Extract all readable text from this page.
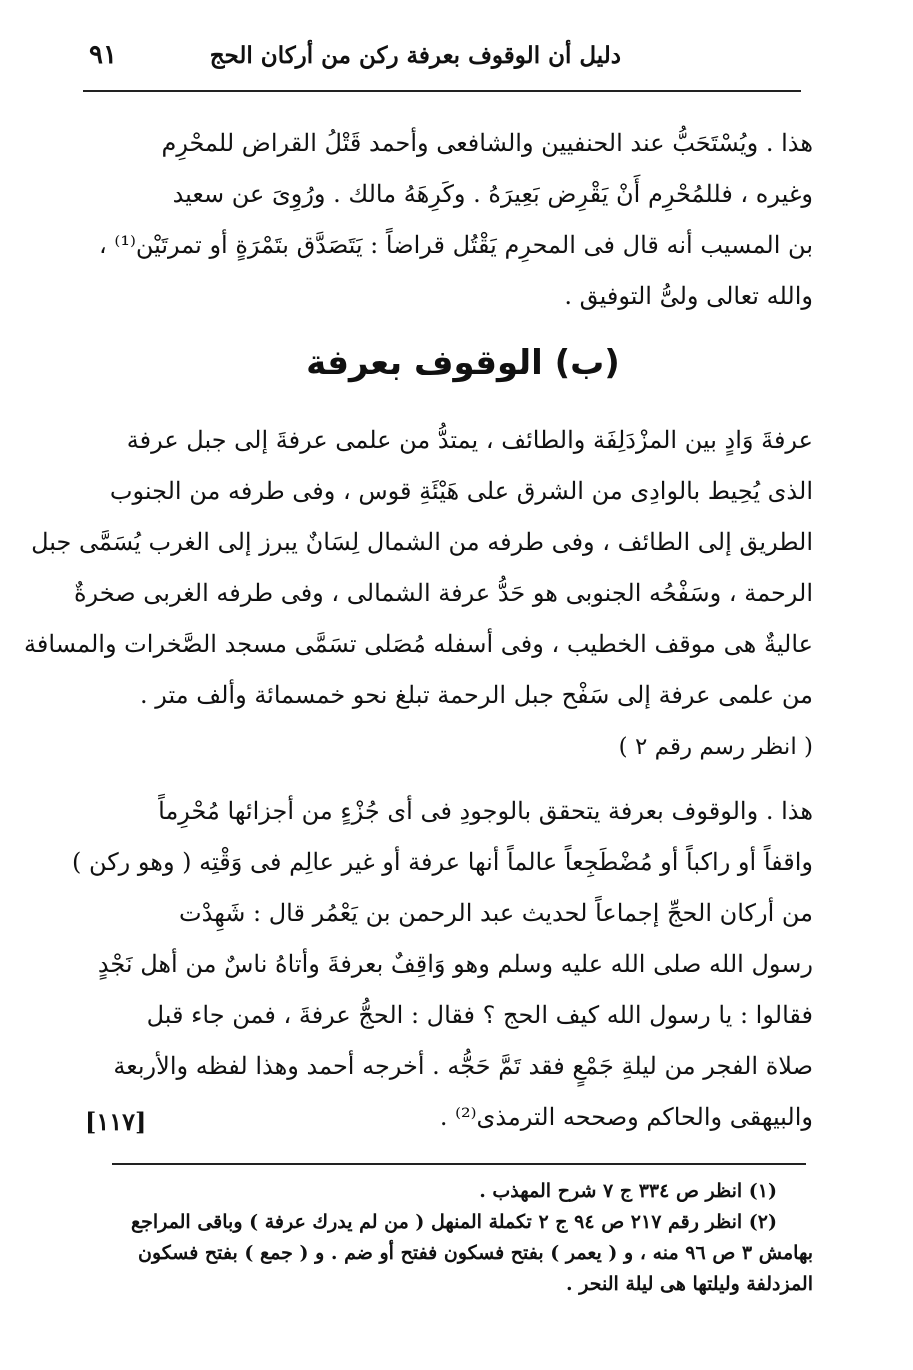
دليل أن الوقوف بعرفة ركن من أركان الحج
٩١
هذا . ويُسْتَحَبُّ عند الحنفيين والشافعى وأحمد قَتْلُ القراض للمحْرِم
وغيره ، فللمُحْرِم أَنْ يَقْرِض بَعِيرَهُ . وكَرِهَهُ مالك . ورُوِىَ عن سعيد
بن المسيب أنه قال فى المحرِم يَقْتُل قراضاً : يَتَصَدَّق بتَمْرَةٍ أو تمرتَيْن⁽¹⁾ ،
والله تعالى ولىُّ التوفيق .
(ب) الوقوف بعرفة
عرفةَ وَادٍ بين المزْدَلِفَة والطائف ، يمتدُّ من علمى عرفةَ إلى جبل عرفة
الذى يُحِيط بالوادِى من الشرق على هَيْئَةِ قوس ، وفى طرفه من الجنوب
الطريق إلى الطائف ، وفى طرفه من الشمال لِسَانٌ يبرز إلى الغرب يُسَمَّى جبل
الرحمة ، وسَفْحُه الجنوبى هو حَدُّ عرفة الشمالى ، وفى طرفه الغربى صخرةٌ
عاليةٌ هى موقف الخطيب ، وفى أسفله مُصَلى تسَمَّى مسجد الصَّخرات والمسافة
من علمى عرفة إلى سَفْح جبل الرحمة تبلغ نحو خمسمائة وألف متر .
( انظر رسم رقم ٢ )
هذا . والوقوف بعرفة يتحقق بالوجودِ فى أى جُزْءٍ من أجزائها مُحْرِماً
واقفاً أو راكباً أو مُضْطَجِعاً عالماً أنها عرفة أو غير عالِم فى وَقْتِه ( وهو ركن )
من أركان الحجِّ إجماعاً لحديث عبد الرحمن بن يَعْمُر قال : شَهِدْت
رسول الله صلى الله عليه وسلم وهو وَاقِفٌ بعرفةَ وأتاهُ ناسٌ من أهل نَجْدٍ
فقالوا : يا رسول الله كيف الحج ؟ فقال : الحجُّ عرفةَ ، فمن جاء قبل
صلاة الفجر من ليلةِ جَمْعٍ فقد تَمَّ حَجُّه . أخرجه أحمد وهذا لفظه والأربعة
والبيهقى والحاكم وصححه الترمذى⁽²⁾ .
[١١٧]
(١) انظر ص ٣٣٤ ج ٧ شرح المهذب .
(٢) انظر رقم ٢١٧ ص ٩٤ ج ٢ تكملة المنهل ( من لم يدرك عرفة ) وباقى المراجع
بهامش ٣ ص ٩٦ منه ، و ( يعمر ) بفتح فسكون ففتح أو ضم . و ( جمع ) بفتح فسكون
المزدلفة وليلتها هى ليلة النحر .
